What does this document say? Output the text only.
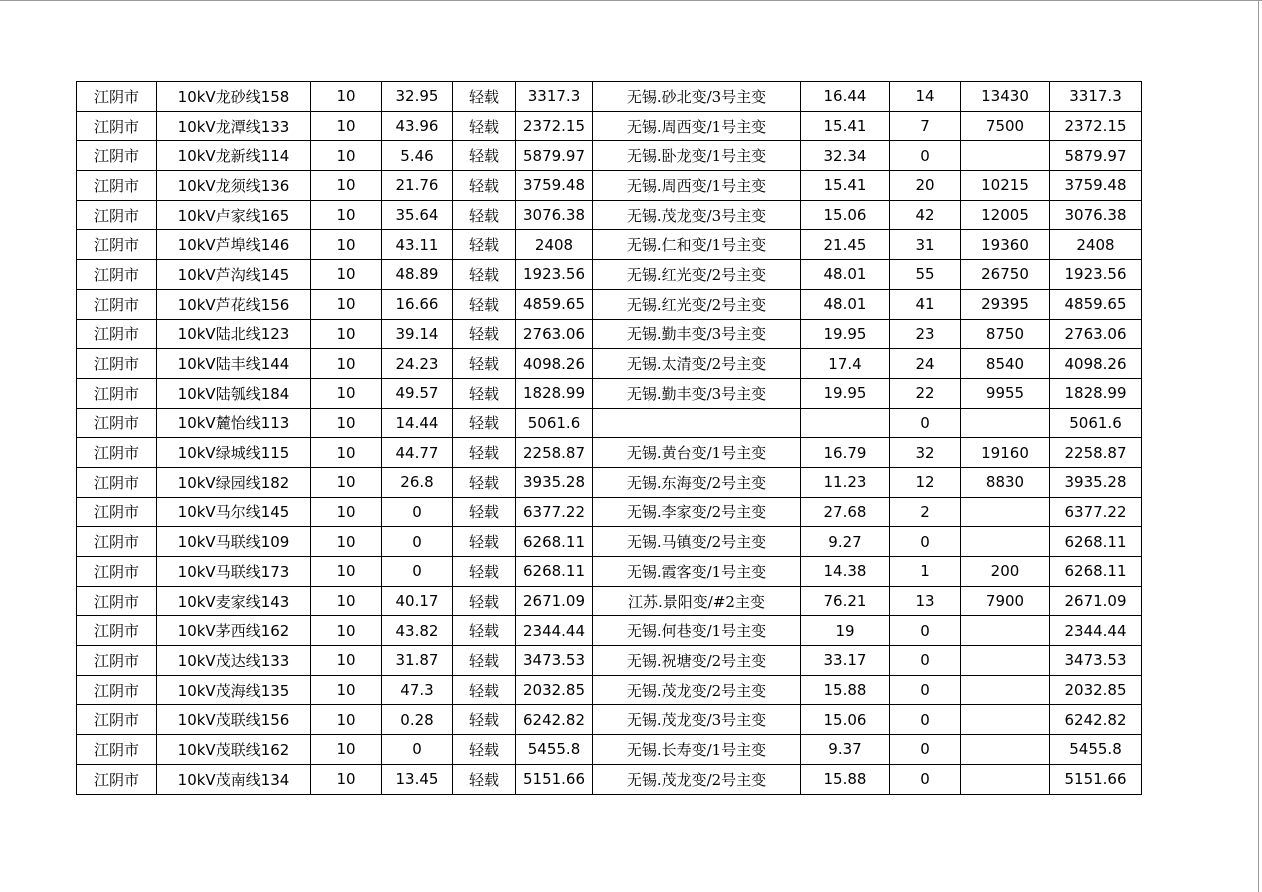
江阴市	10kV龙砂线158	10	32.95	轻载	3317.3	无锡.砂北变/3号主变	16.44	14	13430	3317.3
江阴市	10kV龙潭线133	10	43.96	轻载	2372.15	无锡.周西变/1号主变	15.41	7	7500	2372.15
江阴市	10kV龙新线114	10	5.46	轻载	5879.97	无锡.卧龙变/1号主变	32.34	0		5879.97
江阴市	10kV龙须线136	10	21.76	轻载	3759.48	无锡.周西变/1号主变	15.41	20	10215	3759.48
江阴市	10kV卢家线165	10	35.64	轻载	3076.38	无锡.茂龙变/3号主变	15.06	42	12005	3076.38
江阴市	10kV芦埠线146	10	43.11	轻载	2408	无锡.仁和变/1号主变	21.45	31	19360	2408
江阴市	10kV芦沟线145	10	48.89	轻载	1923.56	无锡.红光变/2号主变	48.01	55	26750	1923.56
江阴市	10kV芦花线156	10	16.66	轻载	4859.65	无锡.红光变/2号主变	48.01	41	29395	4859.65
江阴市	10kV陆北线123	10	39.14	轻载	2763.06	无锡.勤丰变/3号主变	19.95	23	8750	2763.06
江阴市	10kV陆丰线144	10	24.23	轻载	4098.26	无锡.太清变/2号主变	17.4	24	8540	4098.26
江阴市	10kV陆瓠线184	10	49.57	轻载	1828.99	无锡.勤丰变/3号主变	19.95	22	9955	1828.99
江阴市	10kV麓怡线113	10	14.44	轻载	5061.6			0		5061.6
江阴市	10kV绿城线115	10	44.77	轻载	2258.87	无锡.黄台变/1号主变	16.79	32	19160	2258.87
江阴市	10kV绿园线182	10	26.8	轻载	3935.28	无锡.东海变/2号主变	11.23	12	8830	3935.28
江阴市	10kV马尔线145	10	0	轻载	6377.22	无锡.李家变/2号主变	27.68	2		6377.22
江阴市	10kV马联线109	10	0	轻载	6268.11	无锡.马镇变/2号主变	9.27	0		6268.11
江阴市	10kV马联线173	10	0	轻载	6268.11	无锡.霞客变/1号主变	14.38	1	200	6268.11
江阴市	10kV麦家线143	10	40.17	轻载	2671.09	江苏.景阳变/#2主变	76.21	13	7900	2671.09
江阴市	10kV茅西线162	10	43.82	轻载	2344.44	无锡.何巷变/1号主变	19	0		2344.44
江阴市	10kV茂达线133	10	31.87	轻载	3473.53	无锡.祝塘变/2号主变	33.17	0		3473.53
江阴市	10kV茂海线135	10	47.3	轻载	2032.85	无锡.茂龙变/2号主变	15.88	0		2032.85
江阴市	10kV茂联线156	10	0.28	轻载	6242.82	无锡.茂龙变/3号主变	15.06	0		6242.82
江阴市	10kV茂联线162	10	0	轻载	5455.8	无锡.长寿变/1号主变	9.37	0		5455.8
江阴市	10kV茂南线134	10	13.45	轻载	5151.66	无锡.茂龙变/2号主变	15.88	0		5151.66
